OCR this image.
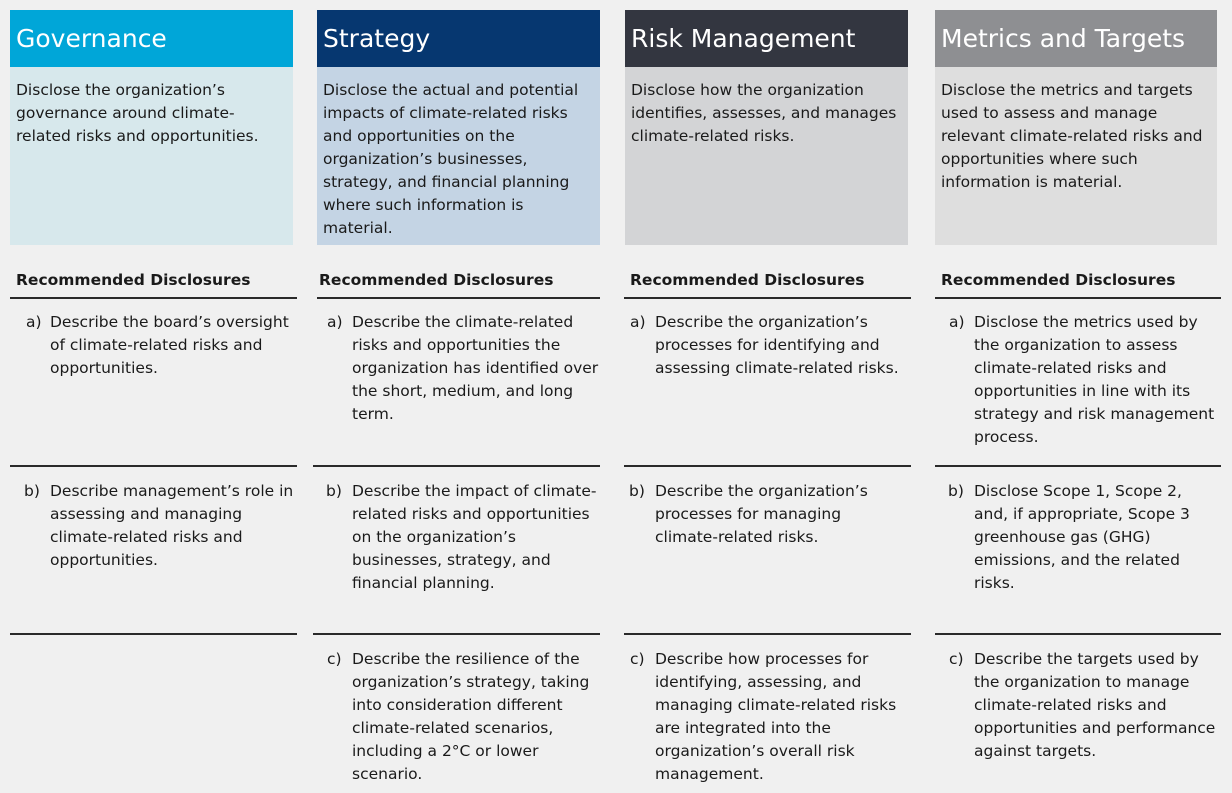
Governance
Disclose the organization’s governance around climate-related risks and opportunities.
Recommended Disclosures
a) Describe the board’s oversight of climate-related risks and opportunities.
b) Describe management’s role in assessing and managing climate-related risks and opportunities.
Strategy
Disclose the actual and potential impacts of climate-related risks and opportunities on the organization’s businesses, strategy, and financial planning where such information is material.
Recommended Disclosures
a) Describe the climate-related risks and opportunities the organization has identified over the short, medium, and long term.
b) Describe the impact of climate-related risks and opportunities on the organization’s businesses, strategy, and financial planning.
c) Describe the resilience of the organization’s strategy, taking into consideration different climate-related scenarios, including a 2°C or lower scenario.
Risk Management
Disclose how the organization identifies, assesses, and manages climate-related risks.
Recommended Disclosures
a) Describe the organization’s processes for identifying and assessing climate-related risks.
b) Describe the organization’s processes for managing climate-related risks.
c) Describe how processes for identifying, assessing, and managing climate-related risks are integrated into the organization’s overall risk management.
Metrics and Targets
Disclose the metrics and targets used to assess and manage relevant climate-related risks and opportunities where such information is material.
Recommended Disclosures
a) Disclose the metrics used by the organization to assess climate-related risks and opportunities in line with its strategy and risk management process.
b) Disclose Scope 1, Scope 2, and, if appropriate, Scope 3 greenhouse gas (GHG) emissions, and the related risks.
c) Describe the targets used by the organization to manage climate-related risks and opportunities and performance against targets.
